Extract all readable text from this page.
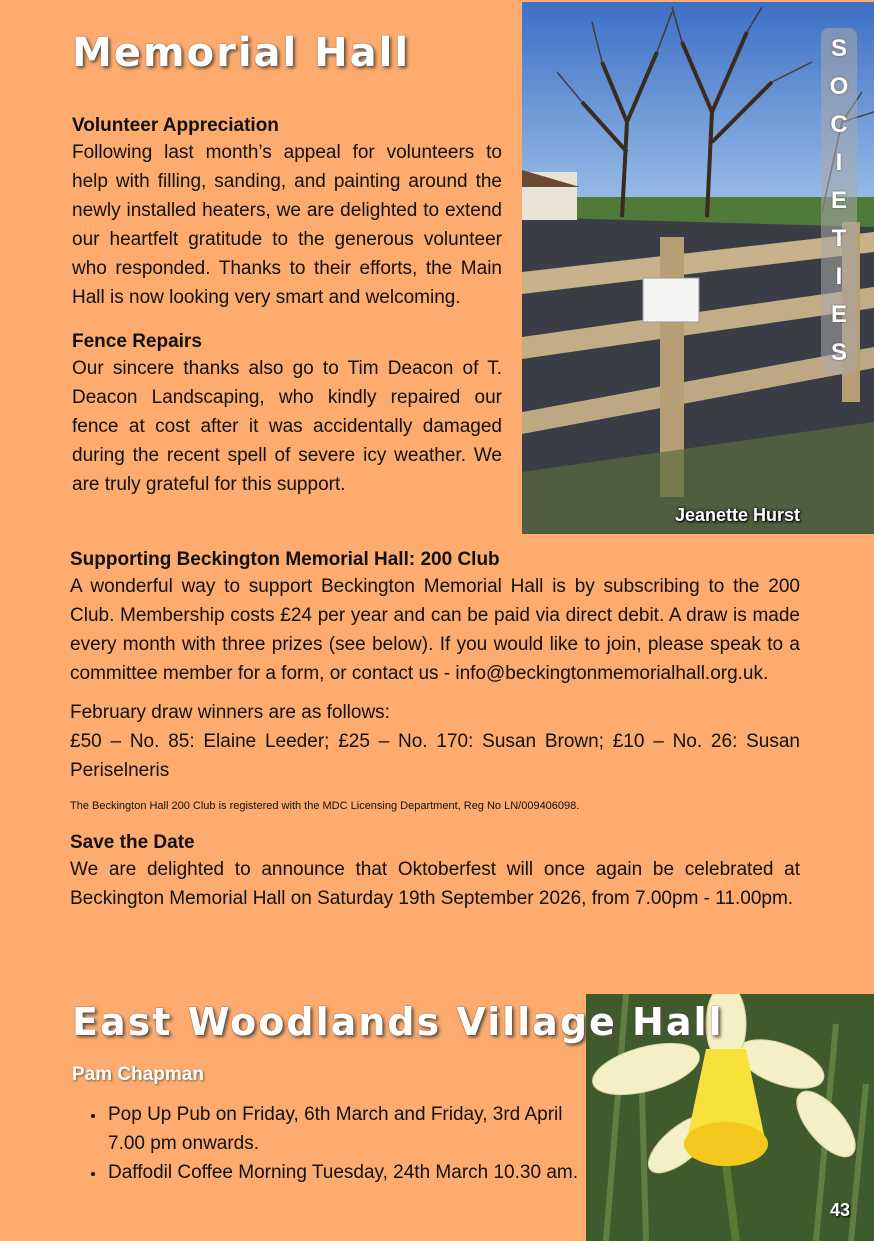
Memorial Hall

Volunteer Appreciation

Following last month’s appeal for volunteers to help with filling, sanding, and painting around the newly installed heaters, we are delighted to extend our heartfelt gratitude to the generous volunteer who responded. Thanks to their efforts, the Main Hall is now looking very smart and welcoming.

Fence Repairs

Our sincere thanks also go to Tim Deacon of T. Deacon Landscaping, who kindly repaired our fence at cost after it was accidentally damaged during the recent spell of severe icy weather. We are truly grateful for this support.

Jeanette Hurst
S
O
C
I
E
T
I
E
S

Supporting Beckington Memorial Hall: 200 Club

A wonderful way to support Beckington Memorial Hall is by subscribing to the 200 Club. Membership costs £24 per year and can be paid via direct debit. A draw is made every month with three prizes (see below). If you would like to join, please speak to a committee member for a form, or contact us - info@beckingtonmemorialhall.org.uk.

February draw winners are as follows:

£50 – No. 85: Elaine Leeder; £25 – No. 170: Susan Brown; £10 – No. 26: Susan Periselneris

The Beckington Hall 200 Club is registered with the MDC Licensing Department, Reg No LN/009406098.

Save the Date

We are delighted to announce that Oktoberfest will once again be celebrated at Beckington Memorial Hall on Saturday 19th September 2026, from 7.00pm - 11.00pm.

43
East Woodlands Village Hall
Pam Chapman
• Pop Up Pub on Friday, 6th March and Friday, 3rd April 7.00 pm onwards.
• Daffodil Coffee Morning Tuesday, 24th March 10.30 am.
